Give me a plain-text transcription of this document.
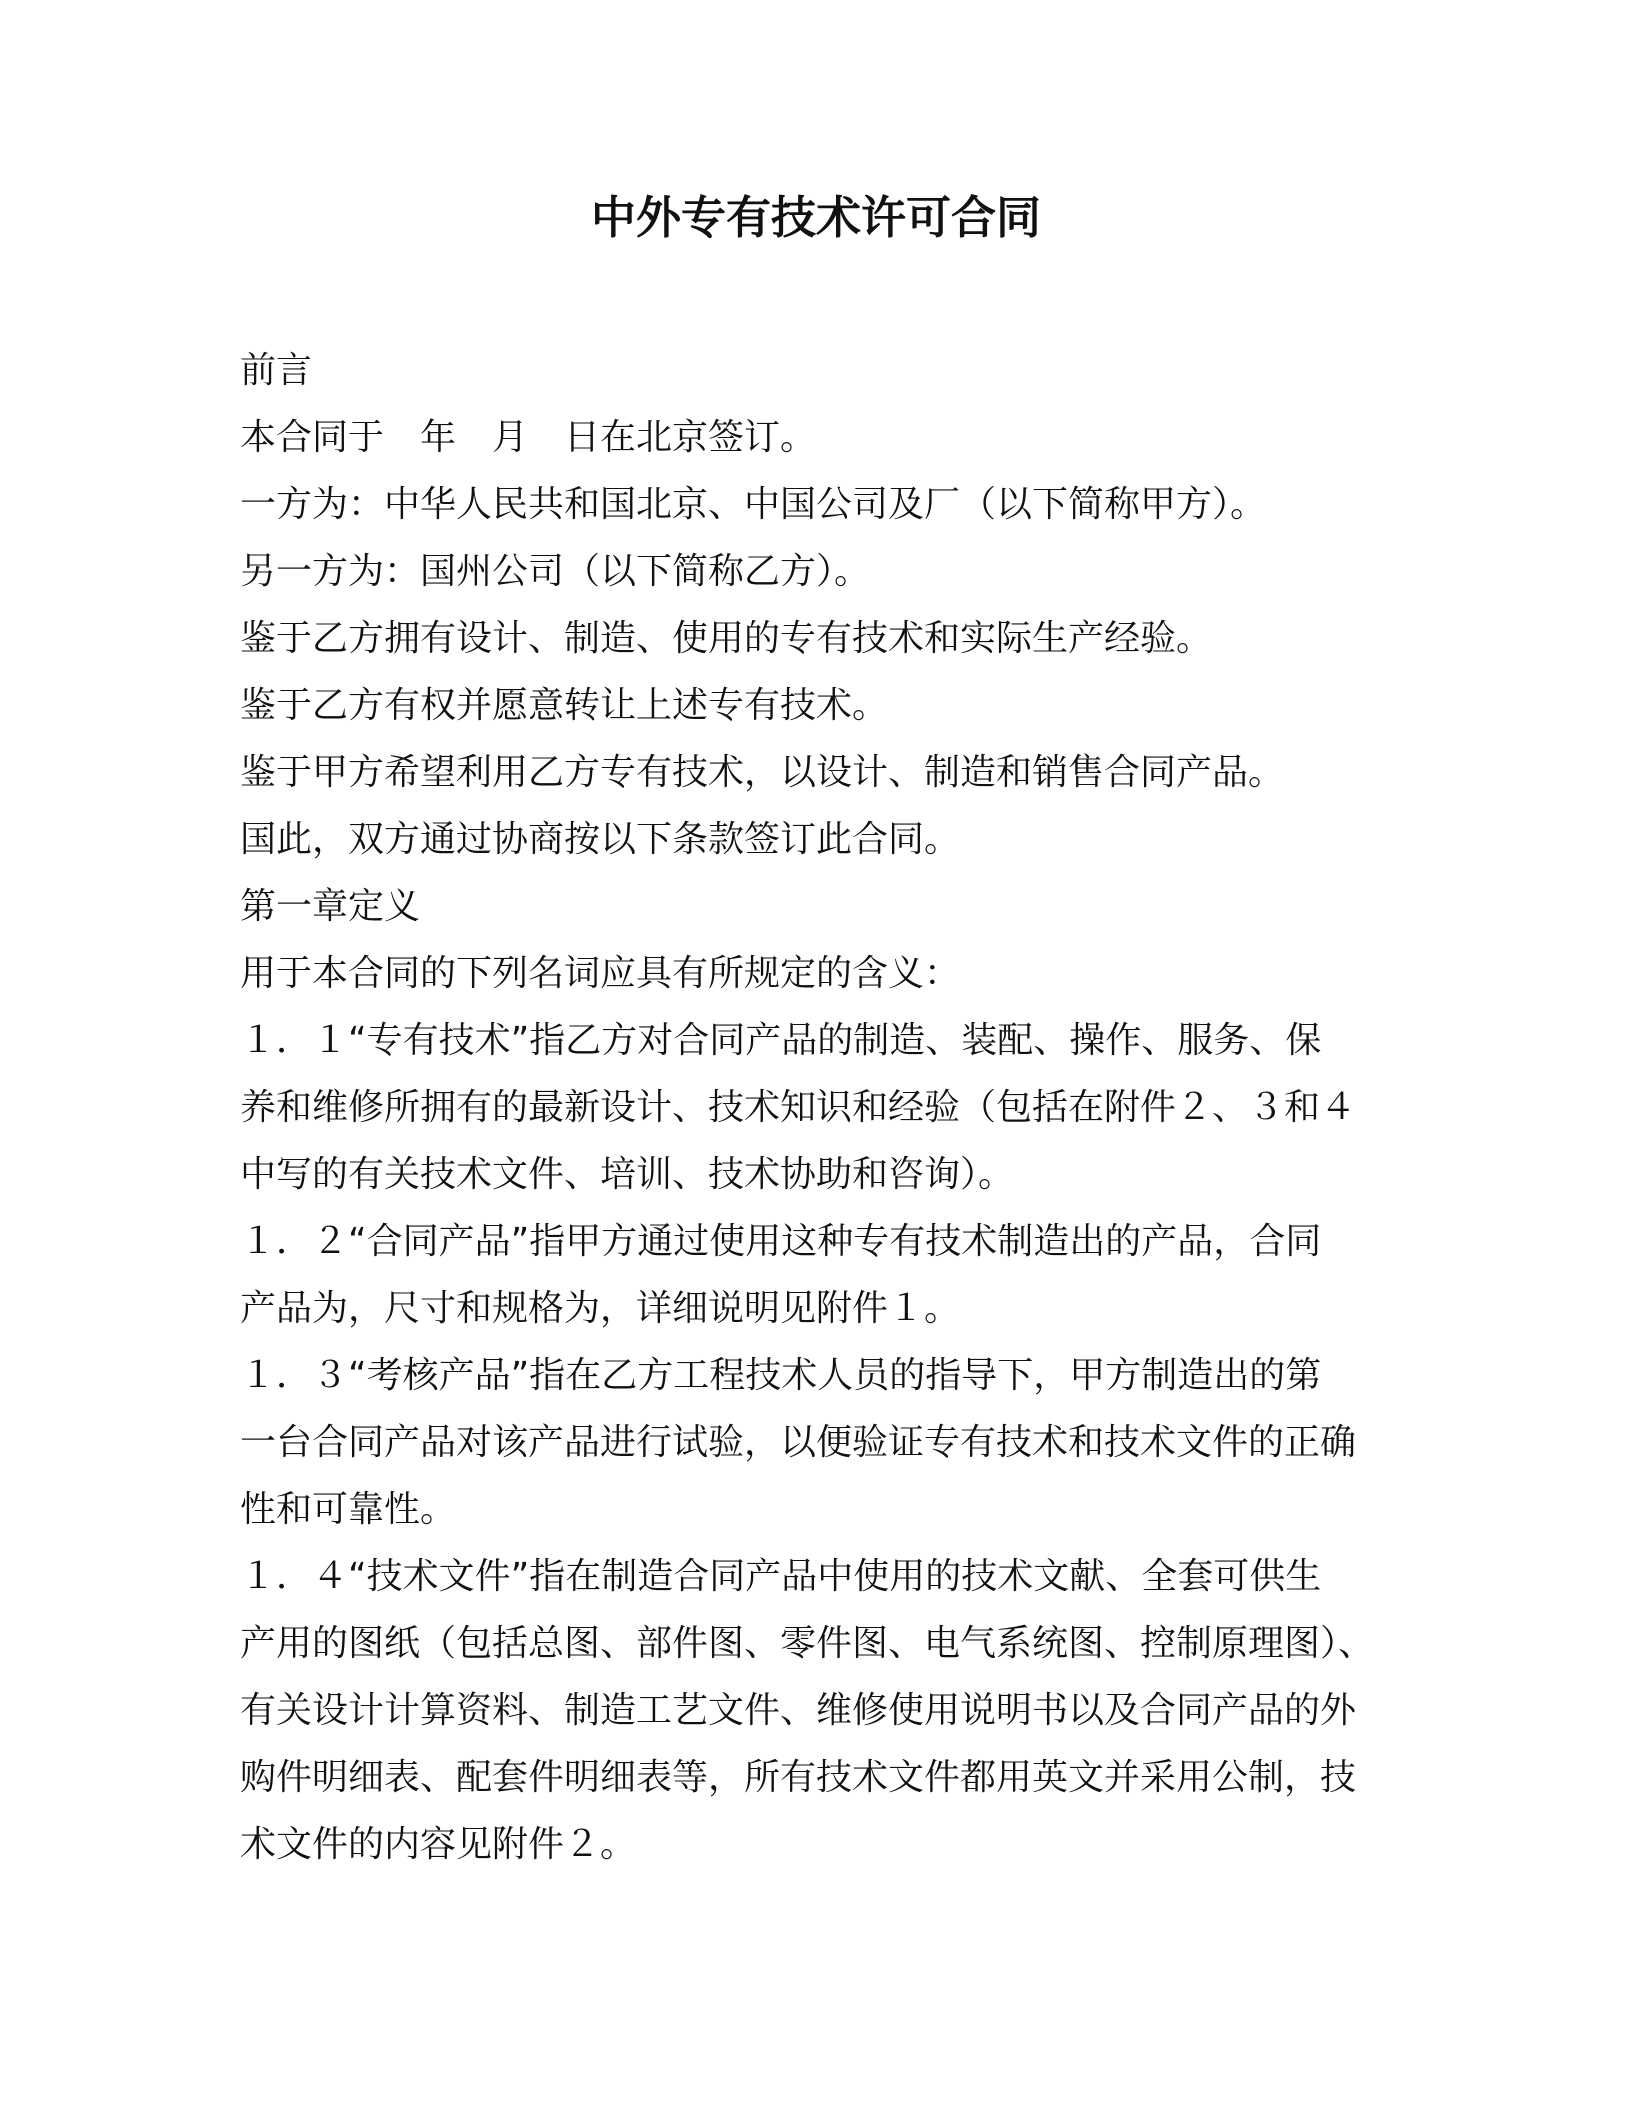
中外专有技术许可合同

前言

本合同于　年　月　日在北京签订。

一方为：中华人民共和国北京、中国公司及厂（以下简称甲方）。

另一方为：国州公司（以下简称乙方）。

鉴于乙方拥有设计、制造、使用的专有技术和实际生产经验。

鉴于乙方有权并愿意转让上述专有技术。

鉴于甲方希望利用乙方专有技术，以设计、制造和销售合同产品。

国此，双方通过协商按以下条款签订此合同。

第一章定义

用于本合同的下列名词应具有所规定的含义：

１．１“专有技术”指乙方对合同产品的制造、装配、操作、服务、保

养和维修所拥有的最新设计、技术知识和经验（包括在附件２、３和４

中写的有关技术文件、培训、技术协助和咨询）。

１．２“合同产品”指甲方通过使用这种专有技术制造出的产品，合同

产品为，尺寸和规格为，详细说明见附件１。

１．３“考核产品”指在乙方工程技术人员的指导下，甲方制造出的第

一台合同产品对该产品进行试验，以便验证专有技术和技术文件的正确

性和可靠性。

１．４“技术文件”指在制造合同产品中使用的技术文献、全套可供生

产用的图纸（包括总图、部件图、零件图、电气系统图、控制原理图）、

有关设计计算资料、制造工艺文件、维修使用说明书以及合同产品的外

购件明细表、配套件明细表等，所有技术文件都用英文并采用公制，技

术文件的内容见附件２。
